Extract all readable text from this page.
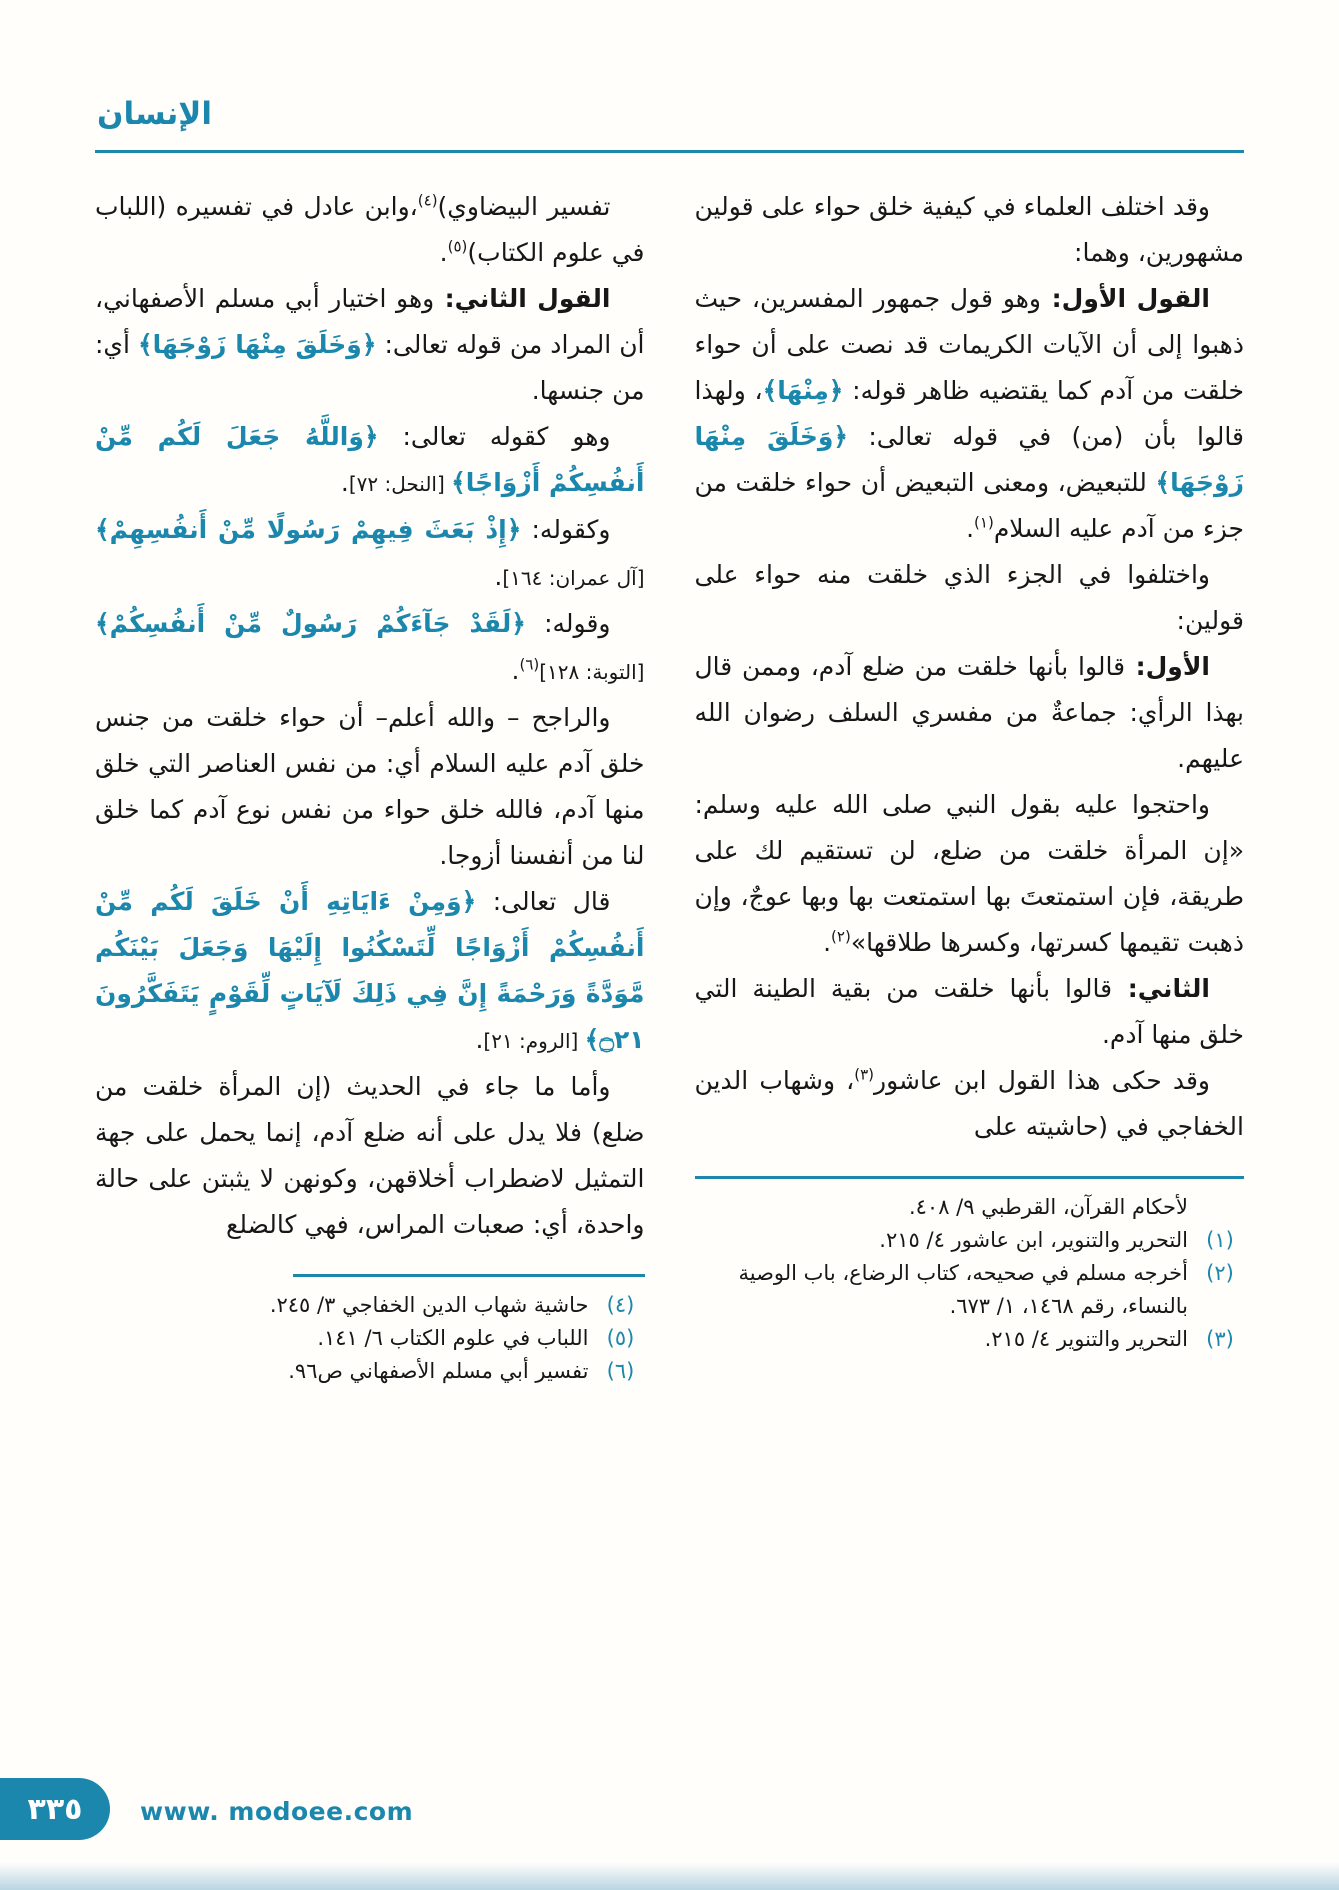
الإنسان

وقد اختلف العلماء في كيفية خلق حواء على قولين مشهورين، وهما:

القول الأول: وهو قول جمهور المفسرين، حيث ذهبوا إلى أن الآيات الكريمات قد نصت على أن حواء خلقت من آدم كما يقتضيه ظاهر قوله: ﴿مِنْهَا﴾، ولهذا قالوا بأن (من) في قوله تعالى: ﴿وَخَلَقَ مِنْهَا زَوْجَهَا﴾ للتبعيض، ومعنى التبعيض أن حواء خلقت من جزء من آدم عليه السلام$^{(١)}$.

واختلفوا في الجزء الذي خلقت منه حواء على قولين:

الأول: قالوا بأنها خلقت من ضلع آدم، وممن قال بهذا الرأي: جماعةٌ من مفسري السلف رضوان الله عليهم.

واحتجوا عليه بقول النبي صلى الله عليه وسلم: «إن المرأة خلقت من ضلع، لن تستقيم لك على طريقة، فإن استمتعتَ بها استمتعت بها وبها عوجٌ، وإن ذهبت تقيمها كسرتها، وكسرها طلاقها»$^{(٢)}$.

الثاني: قالوا بأنها خلقت من بقية الطينة التي خلق منها آدم.

وقد حكى هذا القول ابن عاشور$^{(٣)}$، وشهاب الدين الخفاجي في (حاشيته على

لأحكام القرآن، القرطبي ٩/ ٤٠٨.
(١)
التحرير والتنوير، ابن عاشور ٤/ ٢١٥.
(٢)
أخرجه مسلم في صحيحه، كتاب الرضاع، باب الوصية بالنساء، رقم ١٤٦٨، ١/ ٦٧٣.
(٣)
التحرير والتنوير ٤/ ٢١٥.

تفسير البيضاوي)$^{(٤)}$،وابن عادل في تفسيره (اللباب في علوم الكتاب)$^{(٥)}$.

القول الثاني: وهو اختيار أبي مسلم الأصفهاني، أن المراد من قوله تعالى: ﴿وَخَلَقَ مِنْهَا زَوْجَهَا﴾ أي: من جنسها.

وهو كقوله تعالى: ﴿وَاللَّهُ جَعَلَ لَكُم مِّنْ أَنفُسِكُمْ أَزْوَاجًا﴾ [النحل: ٧٢].

وكقوله: ﴿إِذْ بَعَثَ فِيهِمْ رَسُولًا مِّنْ أَنفُسِهِمْ﴾ [آل عمران: ١٦٤].

وقوله: ﴿لَقَدْ جَآءَكُمْ رَسُولٌ مِّنْ أَنفُسِكُمْ﴾ [التوبة: ١٢٨]$^{(٦)}$.

والراجح – والله أعلم– أن حواء خلقت من جنس خلق آدم عليه السلام أي: من نفس العناصر التي خلق منها آدم، فالله خلق حواء من نفس نوع آدم كما خلق لنا من أنفسنا أزوجا.

قال تعالى: ﴿وَمِنْ ءَايَاتِهِ أَنْ خَلَقَ لَكُم مِّنْ أَنفُسِكُمْ أَزْوَاجًا لِّتَسْكُنُوا إِلَيْهَا وَجَعَلَ بَيْنَكُم مَّوَدَّةً وَرَحْمَةً إِنَّ فِي ذَلِكَ لَآيَاتٍ لِّقَوْمٍ يَتَفَكَّرُونَ ۝٢١﴾ [الروم: ٢١].

وأما ما جاء في الحديث (إن المرأة خلقت من ضلع) فلا يدل على أنه ضلع آدم، إنما يحمل على جهة التمثيل لاضطراب أخلاقهن، وكونهن لا يثبتن على حالة واحدة، أي: صعبات المراس، فهي كالضلع

(٤)
حاشية شهاب الدين الخفاجي ٣/ ٢٤٥.
(٥)
اللباب في علوم الكتاب ٦/ ١٤١.
(٦)
تفسير أبي مسلم الأصفهاني ص٩٦.
٣٣٥ www. modoee.com
